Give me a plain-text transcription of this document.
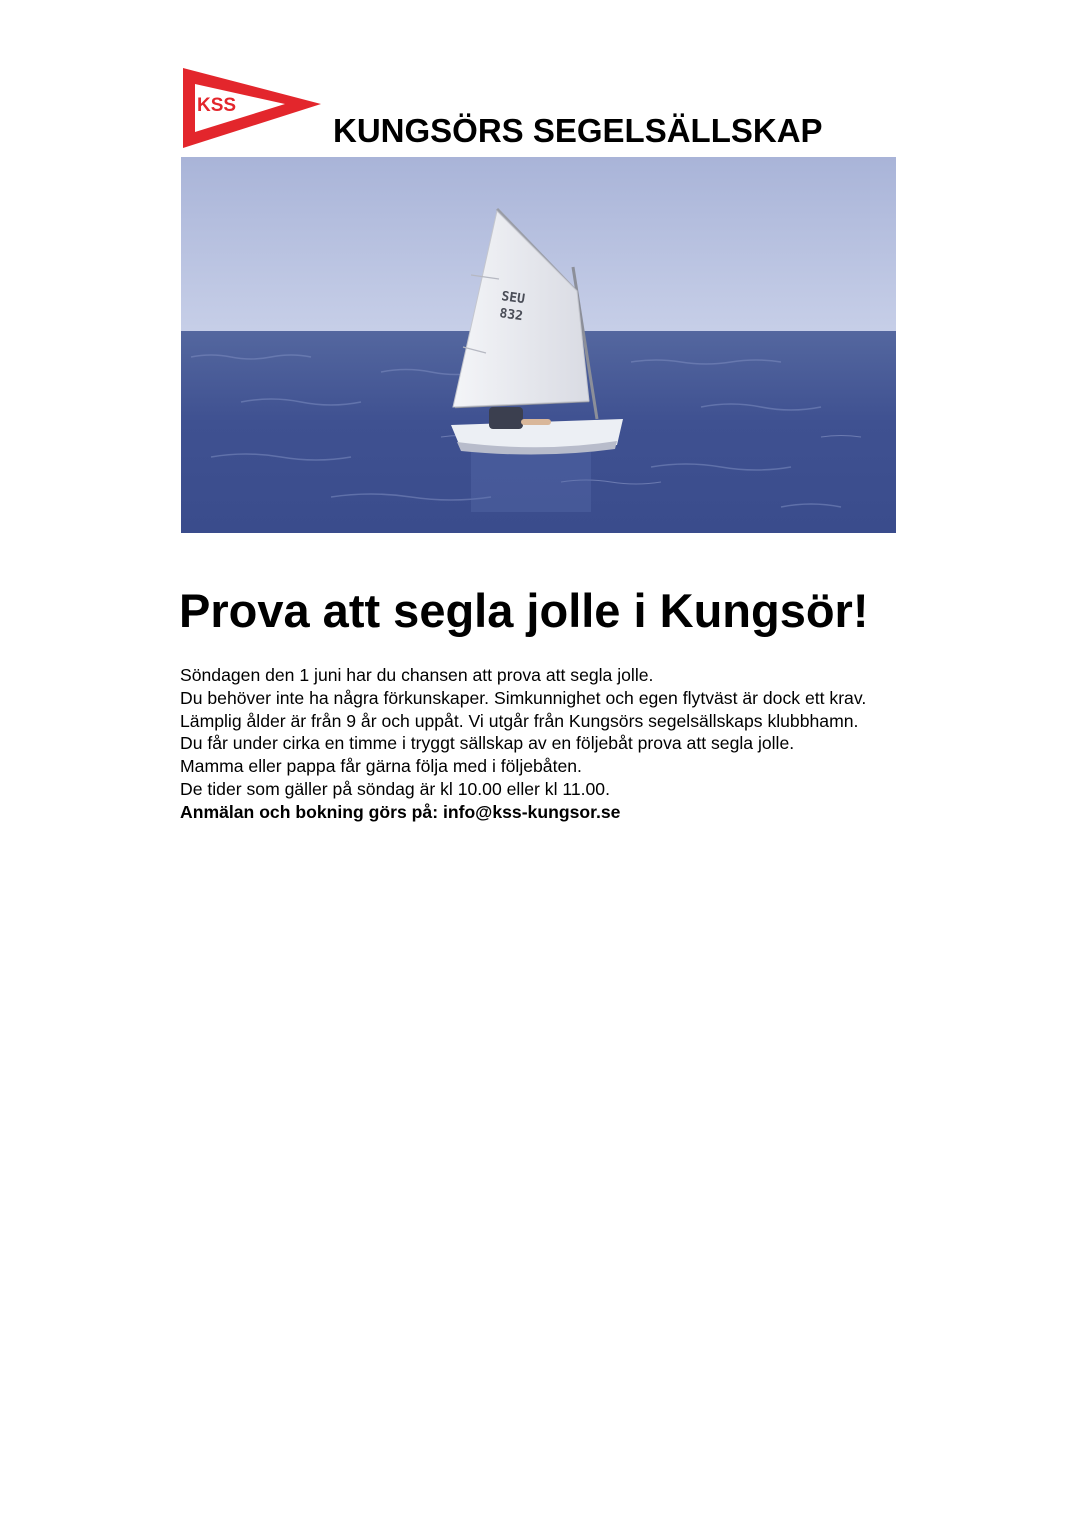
KSS
KUNGSÖRS SEGELSÄLLSKAP
SEU
832
Prova att segla jolle i Kungsör!

Söndagen den 1 juni har du chansen att prova att segla jolle.

Du behöver inte ha några förkunskaper. Simkunnighet och egen flytväst är dock ett krav. Lämplig ålder är från 9 år och uppåt. Vi utgår från Kungsörs segelsällskaps klubbhamn.

Du får under cirka en timme i tryggt sällskap av en följebåt prova att segla jolle.

Mamma eller pappa får gärna följa med i följebåten.

De tider som gäller på söndag är kl 10.00 eller kl 11.00.

Anmälan och bokning görs på: info@kss-kungsor.se
